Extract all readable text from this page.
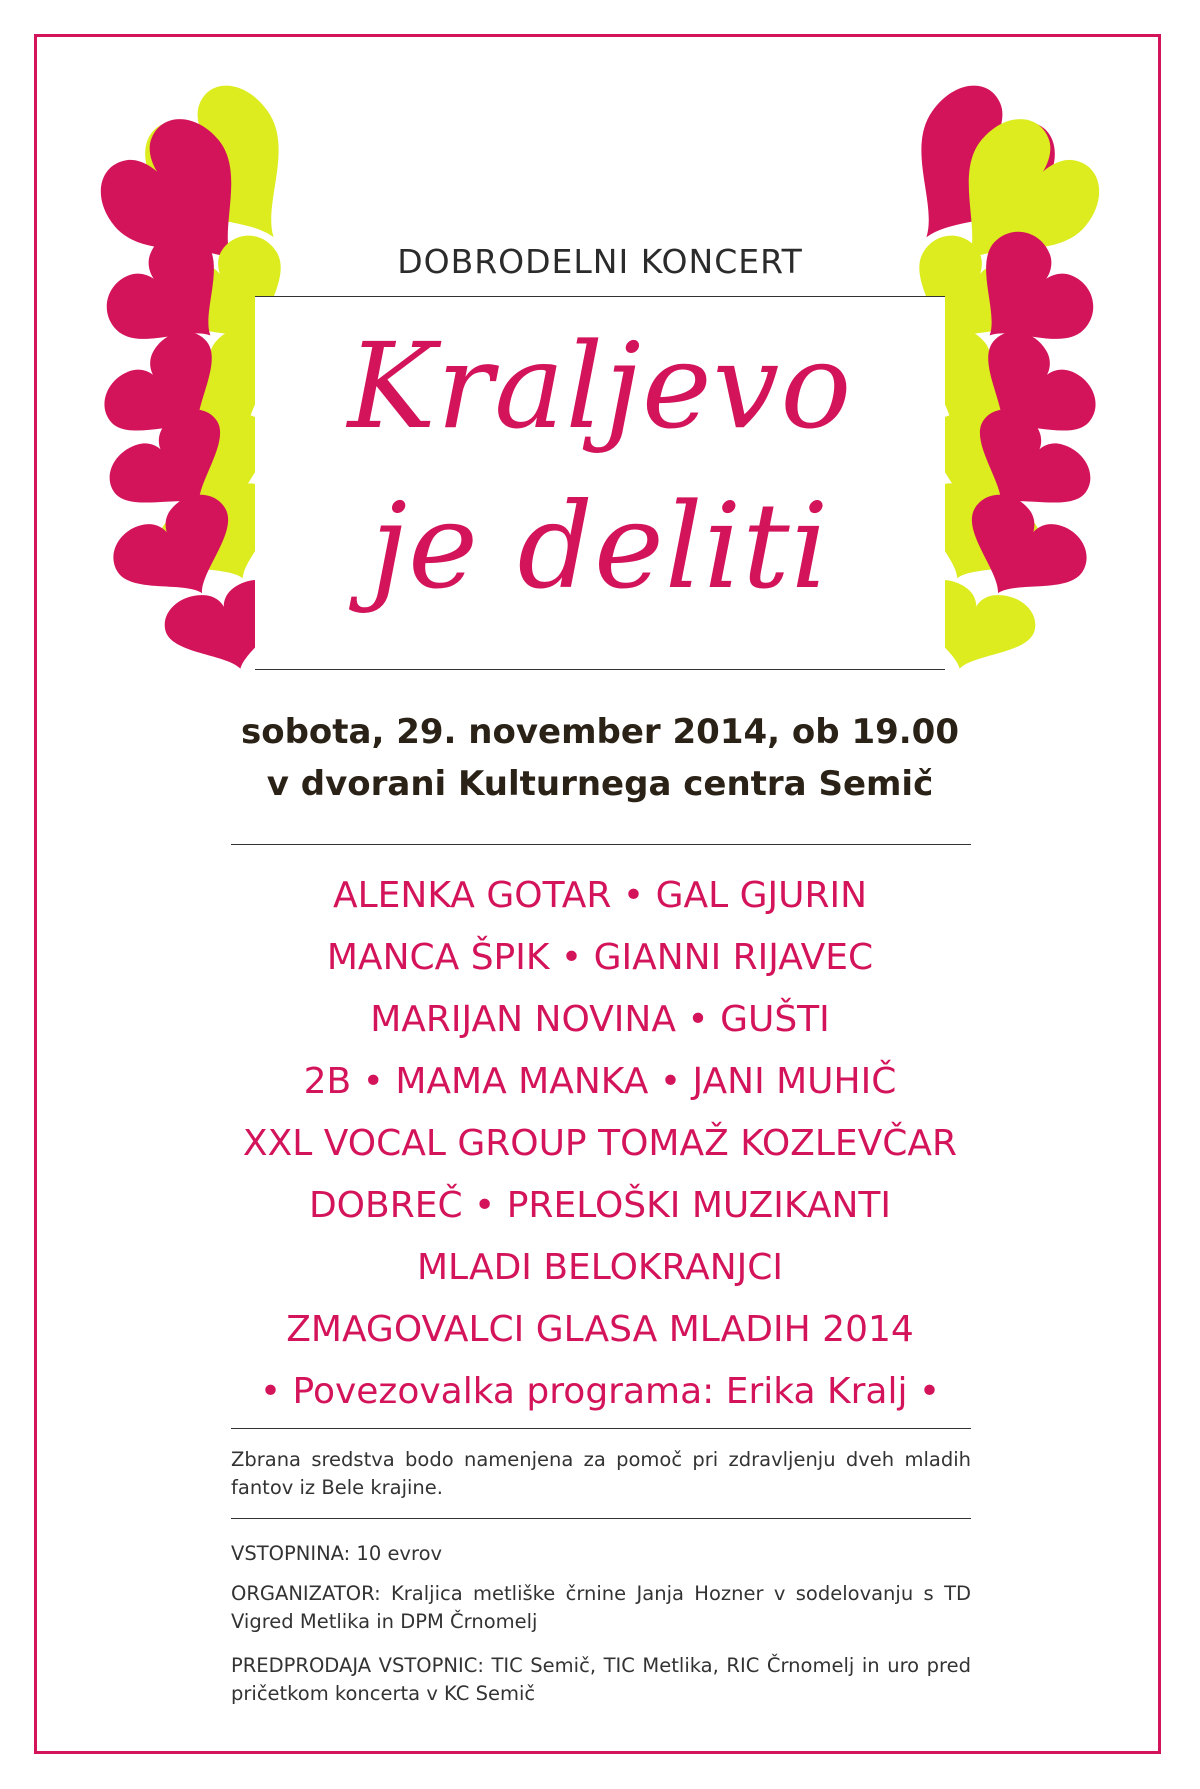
DOBRODELNI KONCERT
Kraljevo
je deliti
sobota, 29. november 2014, ob 19.00
v dvorani Kulturnega centra Semič
ALENKA GOTAR • GAL GJURIN
MANCA ŠPIK • GIANNI RIJAVEC
MARIJAN NOVINA • GUŠTI
2B • MAMA MANKA • JANI MUHIČ
XXL VOCAL GROUP TOMAŽ KOZLEVČAR
DOBREČ • PRELOŠKI MUZIKANTI
MLADI BELOKRANJCI
ZMAGOVALCI GLASA MLADIH 2014
• Povezovalka programa: Erika Kralj •
Zbrana sredstva bodo namenjena za pomoč pri zdravljenju dveh mladih fantov iz Bele krajine.
VSTOPNINA: 10 evrov
ORGANIZATOR: Kraljica metliške črnine Janja Hozner v sodelovanju s TD Vigred Metlika in DPM Črnomelj
PREDPRODAJA VSTOPNIC: TIC Semič, TIC Metlika, RIC Črnomelj in uro pred pričetkom koncerta v KC Semič
